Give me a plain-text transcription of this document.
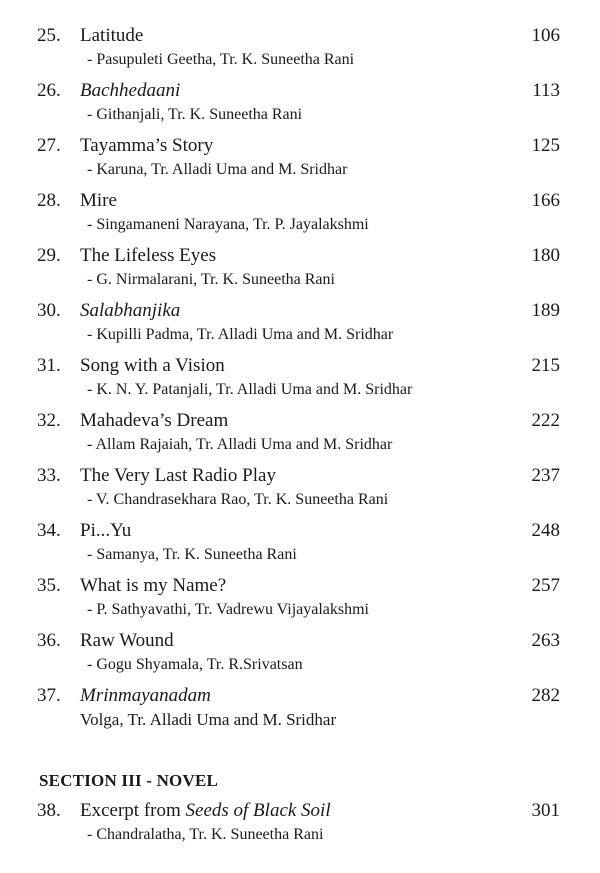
25. Latitude	106
- Pasupuleti Geetha, Tr. K. Suneetha Rani
26. Bachhedaani	113
- Githanjali, Tr. K. Suneetha Rani
27. Tayamma’s Story	125
- Karuna, Tr. Alladi Uma and M. Sridhar
28. Mire	166
- Singamaneni Narayana, Tr. P. Jayalakshmi
29. The Lifeless Eyes	180
- G. Nirmalarani, Tr. K. Suneetha Rani
30. Salabhanjika	189
- Kupilli Padma, Tr. Alladi Uma and M. Sridhar
31. Song with a Vision	215
- K. N. Y. Patanjali, Tr. Alladi Uma and M. Sridhar
32. Mahadeva’s Dream	222
- Allam Rajaiah, Tr. Alladi Uma and M. Sridhar
33. The Very Last Radio Play	237
- V. Chandrasekhara Rao, Tr. K. Suneetha Rani
34. Pi...Yu	248
- Samanya, Tr. K. Suneetha Rani
35. What is my Name?	257
- P. Sathyavathi, Tr. Vadrewu Vijayalakshmi
36. Raw Wound	263
- Gogu Shyamala, Tr. R.Srivatsan
37. Mrinmayanadam	282
Volga, Tr. Alladi Uma and M. Sridhar
SECTION III - NOVEL
38. Excerpt from Seeds of Black Soil	301
- Chandralatha, Tr. K. Suneetha Rani
